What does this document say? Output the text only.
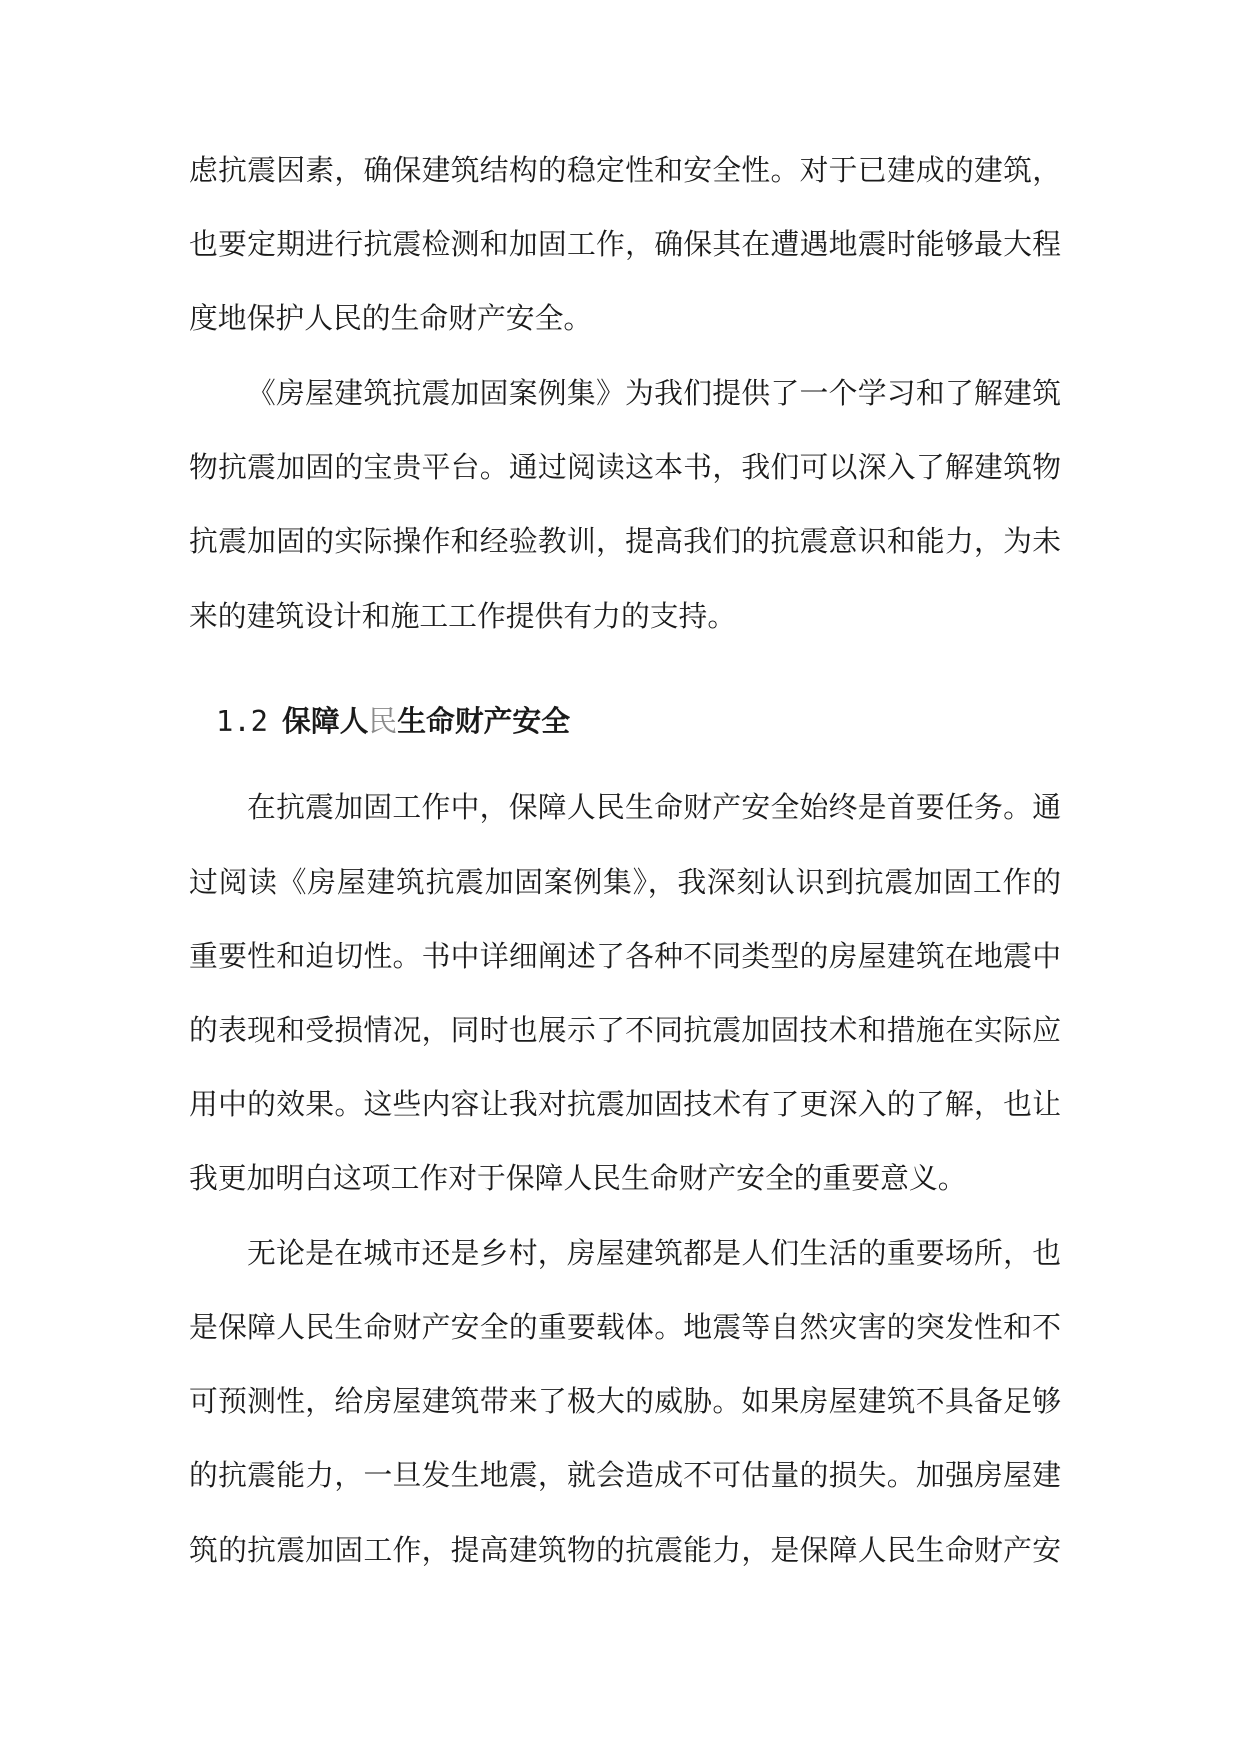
虑抗震因素，确保建筑结构的稳定性和安全性。对于已建成的建筑，
也要定期进行抗震检测和加固工作，确保其在遭遇地震时能够最大程
度地保护人民的生命财产安全。
《房屋建筑抗震加固案例集》为我们提供了一个学习和了解建筑
物抗震加固的宝贵平台。通过阅读这本书，我们可以深入了解建筑物
抗震加固的实际操作和经验教训，提高我们的抗震意识和能力，为未
来的建筑设计和施工工作提供有力的支持。
1.2 保障人民生命财产安全
在抗震加固工作中，保障人民生命财产安全始终是首要任务。通
过阅读《房屋建筑抗震加固案例集》，我深刻认识到抗震加固工作的
重要性和迫切性。书中详细阐述了各种不同类型的房屋建筑在地震中
的表现和受损情况，同时也展示了不同抗震加固技术和措施在实际应
用中的效果。这些内容让我对抗震加固技术有了更深入的了解，也让
我更加明白这项工作对于保障人民生命财产安全的重要意义。
无论是在城市还是乡村，房屋建筑都是人们生活的重要场所，也
是保障人民生命财产安全的重要载体。地震等自然灾害的突发性和不
可预测性，给房屋建筑带来了极大的威胁。如果房屋建筑不具备足够
的抗震能力，一旦发生地震，就会造成不可估量的损失。加强房屋建
筑的抗震加固工作，提高建筑物的抗震能力，是保障人民生命财产安
